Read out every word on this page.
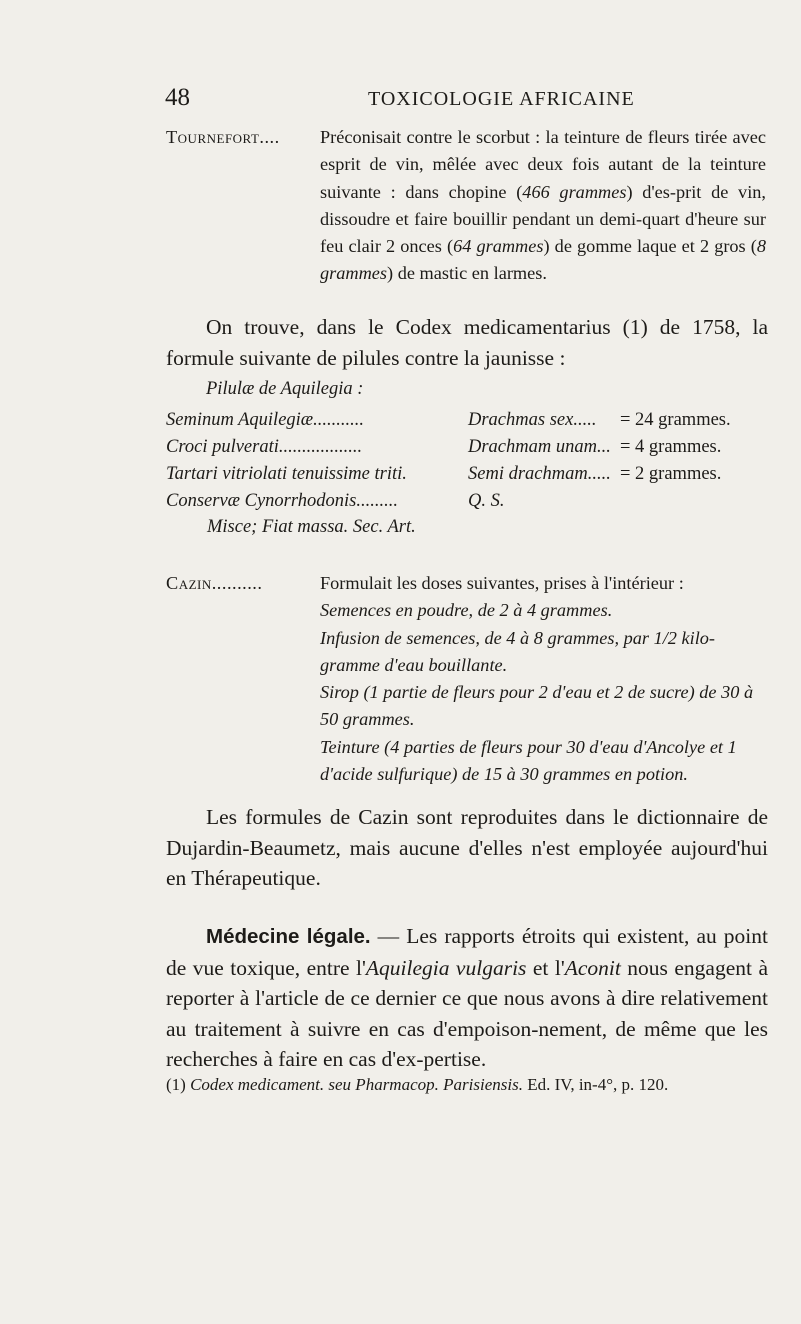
48	TOXICOLOGIE AFRICAINE
Tournefort.... Préconisait contre le scorbut : la teinture de fleurs tirée avec esprit de vin, mêlée avec deux fois autant de la teinture suivante : dans chopine (466 grammes) d'es-prit de vin, dissoudre et faire bouillir pendant un demi-quart d'heure sur feu clair 2 onces (64 grammes) de gomme laque et 2 gros (8 grammes) de mastic en larmes.
On trouve, dans le Codex medicamentarius (1) de 1758, la formule suivante de pilules contre la jaunisse :
Pilulæ de Aquilegia :
Seminum Aquilegiæ...........	Drachmas sex..... = 24 grammes.
Croci pulverati..................	Drachmam unam... = 4 grammes.
Tartari vitriolati tenuissime triti.	Semi drachmam..... = 2 grammes.
Conservæ Cynorrhodonis.........	Q. S.
Misce; Fiat massa. Sec. Art.
Cazin..........	Formulait les doses suivantes, prises à l'intérieur :
Semences en poudre, de 2 à 4 grammes.
Infusion de semences, de 4 à 8 grammes, par 1/2 kilo-gramme d'eau bouillante.
Sirop (1 partie de fleurs pour 2 d'eau et 2 de sucre) de 30 à 50 grammes.
Teinture (4 parties de fleurs pour 30 d'eau d'Ancolye et 1 d'acide sulfurique) de 15 à 30 grammes en potion.
Les formules de Cazin sont reproduites dans le dictionnaire de Dujardin-Beaumetz, mais aucune d'elles n'est employée aujourd'hui en Thérapeutique.
Médecine légale. — Les rapports étroits qui existent, au point de vue toxique, entre l'Aquilegia vulgaris et l'Aconit nous engagent à reporter à l'article de ce dernier ce que nous avons à dire relativement au traitement à suivre en cas d'empoison-nement, de même que les recherches à faire en cas d'ex-pertise.
(1) Codex medicament. seu Pharmacop. Parisiensis. Ed. IV, in-4°, p. 120.
